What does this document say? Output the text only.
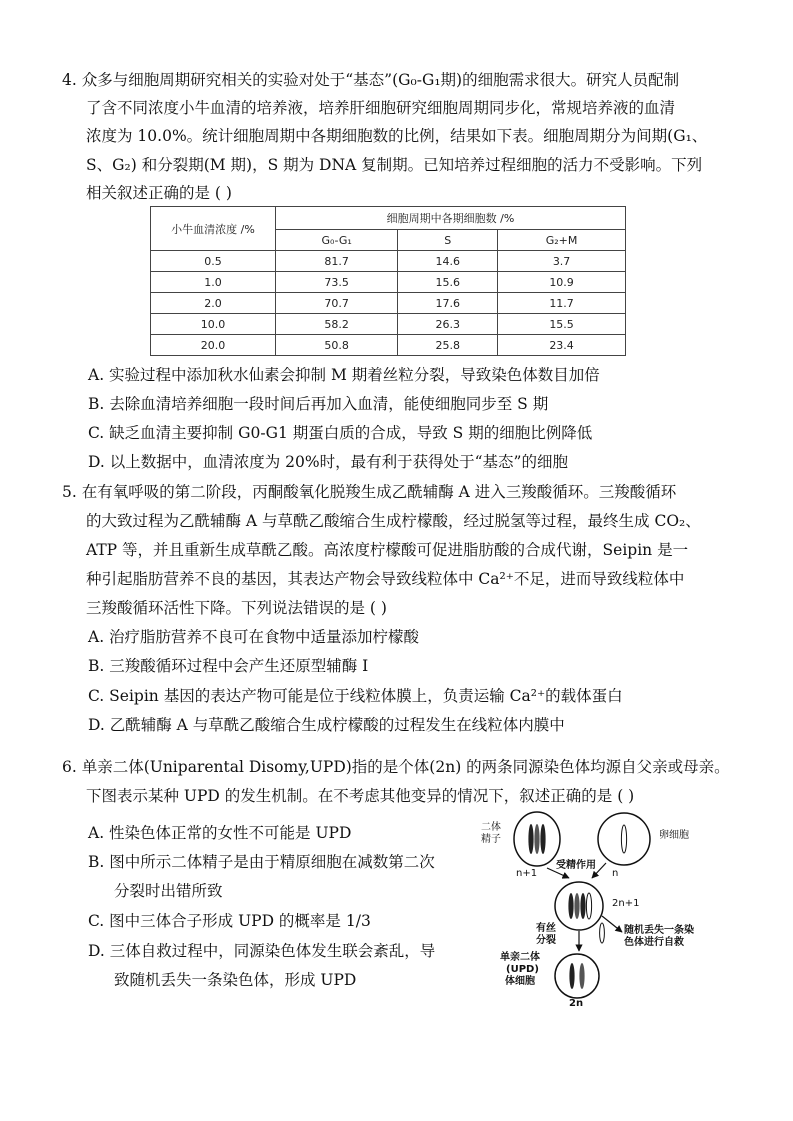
4. 众多与细胞周期研究相关的实验对处于“基态”(G₀-G₁期)的细胞需求很大。研究人员配制
了含不同浓度小牛血清的培养液，培养肝细胞研究细胞周期同步化，常规培养液的血清
浓度为 10.0%。统计细胞周期中各期细胞数的比例，结果如下表。细胞周期分为间期(G₁、
S、G₂) 和分裂期(M 期)，S 期为 DNA 复制期。已知培养过程细胞的活力不受影响。下列
相关叙述正确的是 ( )
小牛血清浓度 /%	细胞周期中各期细胞数 /%		
	G₀-G₁	S	G₂+M
0.5	81.7	14.6	3.7
1.0	73.5	15.6	10.9
2.0	70.7	17.6	11.7
10.0	58.2	26.3	15.5
20.0	50.8	25.8	23.4
A. 实验过程中添加秋水仙素会抑制 M 期着丝粒分裂，导致染色体数目加倍
B. 去除血清培养细胞一段时间后再加入血清，能使细胞同步至 S 期
C. 缺乏血清主要抑制 G0-G1 期蛋白质的合成，导致 S 期的细胞比例降低
D. 以上数据中，血清浓度为 20%时，最有利于获得处于“基态”的细胞
5. 在有氧呼吸的第二阶段，丙酮酸氧化脱羧生成乙酰辅酶 A 进入三羧酸循环。三羧酸循环
的大致过程为乙酰辅酶 A 与草酰乙酸缩合生成柠檬酸，经过脱氢等过程，最终生成 CO₂、
ATP 等，并且重新生成草酰乙酸。高浓度柠檬酸可促进脂肪酸的合成代谢，Seipin 是一
种引起脂肪营养不良的基因，其表达产物会导致线粒体中 Ca²⁺不足，进而导致线粒体中
三羧酸循环活性下降。下列说法错误的是 ( )
A. 治疗脂肪营养不良可在食物中适量添加柠檬酸
B. 三羧酸循环过程中会产生还原型辅酶 I
C. Seipin 基因的表达产物可能是位于线粒体膜上，负责运输 Ca²⁺的载体蛋白
D. 乙酰辅酶 A 与草酰乙酸缩合生成柠檬酸的过程发生在线粒体内膜中
6. 单亲二体(Uniparental Disomy,UPD)指的是个体(2n) 的两条同源染色体均源自父亲或母亲。
下图表示某种 UPD 的发生机制。在不考虑其他变异的情况下，叙述正确的是 ( )
A. 性染色体正常的女性不可能是 UPD
B. 图中所示二体精子是由于精原细胞在减数第二次
分裂时出错所致
C. 图中三体合子形成 UPD 的概率是 1/3
D. 三体自救过程中，同源染色体发生联会紊乱，导
致随机丢失一条染色体，形成 UPD
二体
精子
n+1
卵细胞
n
受精作用
2n+1
随机丢失一条染
色体进行自救
有丝
分裂
单亲二体
(UPD)
体细胞
2n
